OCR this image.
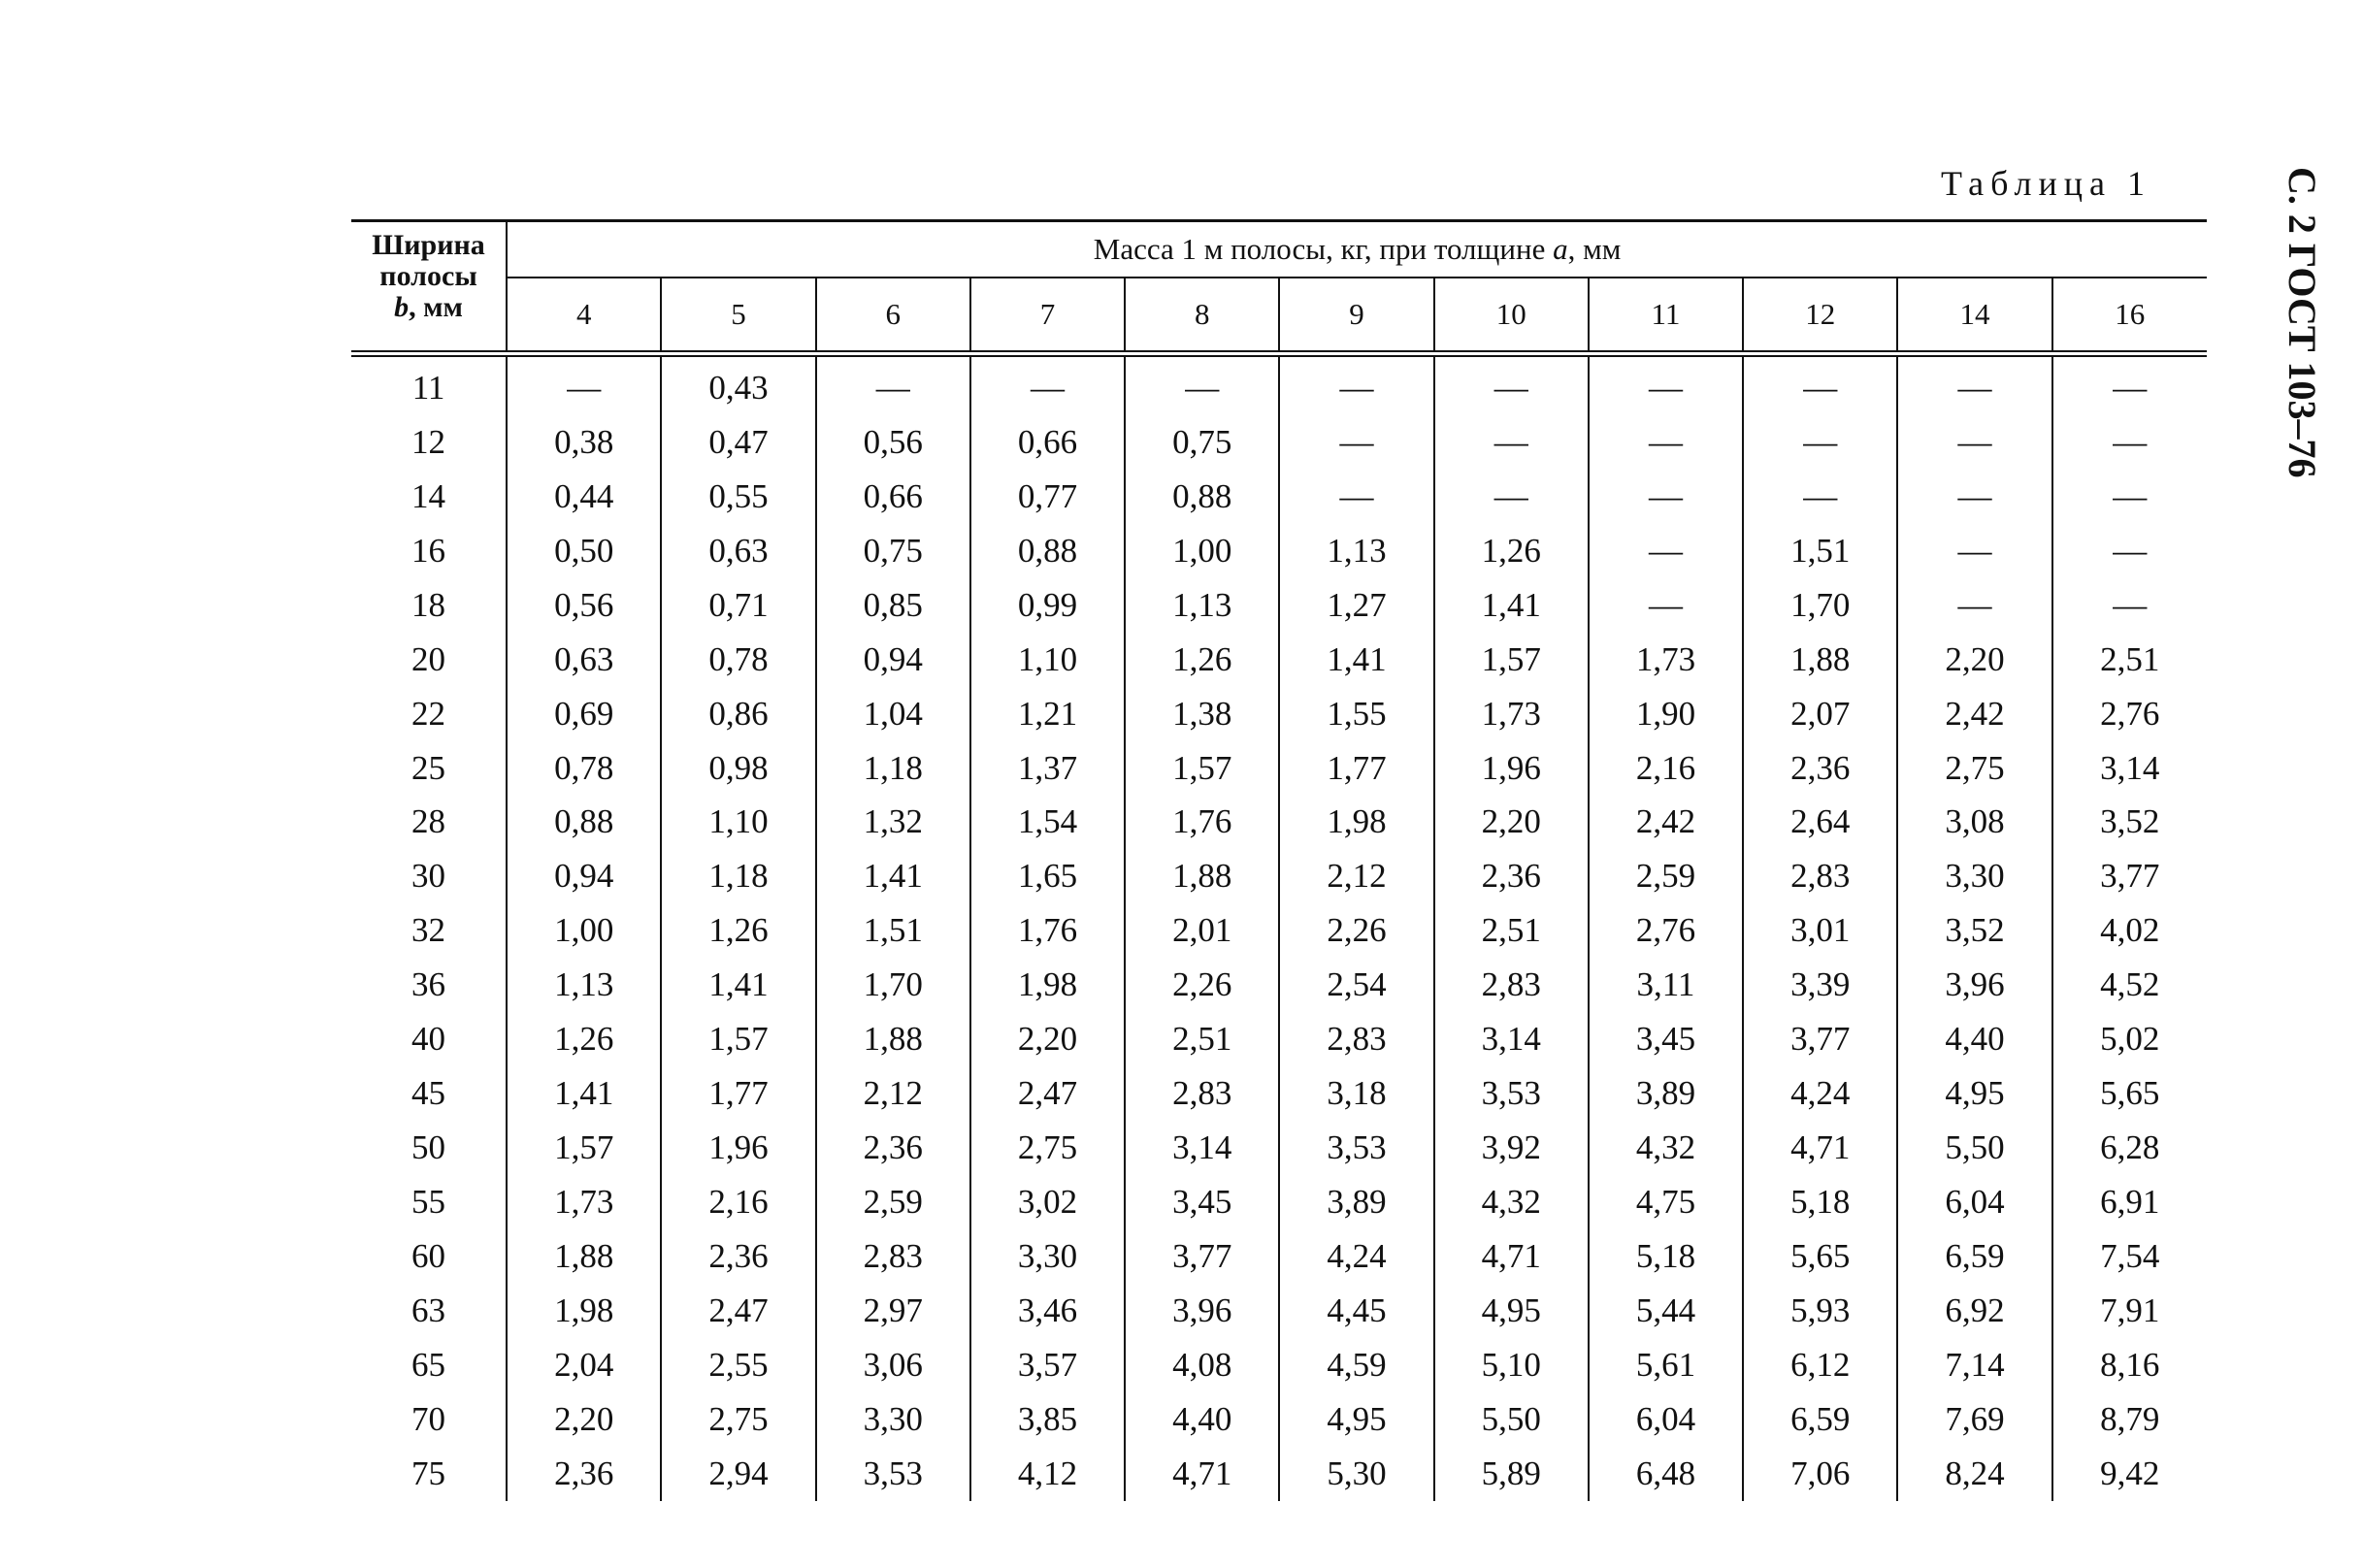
С. 2 ГОСТ 103–76
Таблица 1
Ширина
полосы
b, мм	Масса 1 м полосы, кг, при толщине a, мм										
	4	5	6	7	8	9	10	11	12	14	16
11	—	0,43	—	—	—	—	—	—	—	—	—
12	0,38	0,47	0,56	0,66	0,75	—	—	—	—	—	—
14	0,44	0,55	0,66	0,77	0,88	—	—	—	—	—	—
16	0,50	0,63	0,75	0,88	1,00	1,13	1,26	—	1,51	—	—
18	0,56	0,71	0,85	0,99	1,13	1,27	1,41	—	1,70	—	—
20	0,63	0,78	0,94	1,10	1,26	1,41	1,57	1,73	1,88	2,20	2,51
22	0,69	0,86	1,04	1,21	1,38	1,55	1,73	1,90	2,07	2,42	2,76
25	0,78	0,98	1,18	1,37	1,57	1,77	1,96	2,16	2,36	2,75	3,14
28	0,88	1,10	1,32	1,54	1,76	1,98	2,20	2,42	2,64	3,08	3,52
30	0,94	1,18	1,41	1,65	1,88	2,12	2,36	2,59	2,83	3,30	3,77
32	1,00	1,26	1,51	1,76	2,01	2,26	2,51	2,76	3,01	3,52	4,02
36	1,13	1,41	1,70	1,98	2,26	2,54	2,83	3,11	3,39	3,96	4,52
40	1,26	1,57	1,88	2,20	2,51	2,83	3,14	3,45	3,77	4,40	5,02
45	1,41	1,77	2,12	2,47	2,83	3,18	3,53	3,89	4,24	4,95	5,65
50	1,57	1,96	2,36	2,75	3,14	3,53	3,92	4,32	4,71	5,50	6,28
55	1,73	2,16	2,59	3,02	3,45	3,89	4,32	4,75	5,18	6,04	6,91
60	1,88	2,36	2,83	3,30	3,77	4,24	4,71	5,18	5,65	6,59	7,54
63	1,98	2,47	2,97	3,46	3,96	4,45	4,95	5,44	5,93	6,92	7,91
65	2,04	2,55	3,06	3,57	4,08	4,59	5,10	5,61	6,12	7,14	8,16
70	2,20	2,75	3,30	3,85	4,40	4,95	5,50	6,04	6,59	7,69	8,79
75	2,36	2,94	3,53	4,12	4,71	5,30	5,89	6,48	7,06	8,24	9,42
